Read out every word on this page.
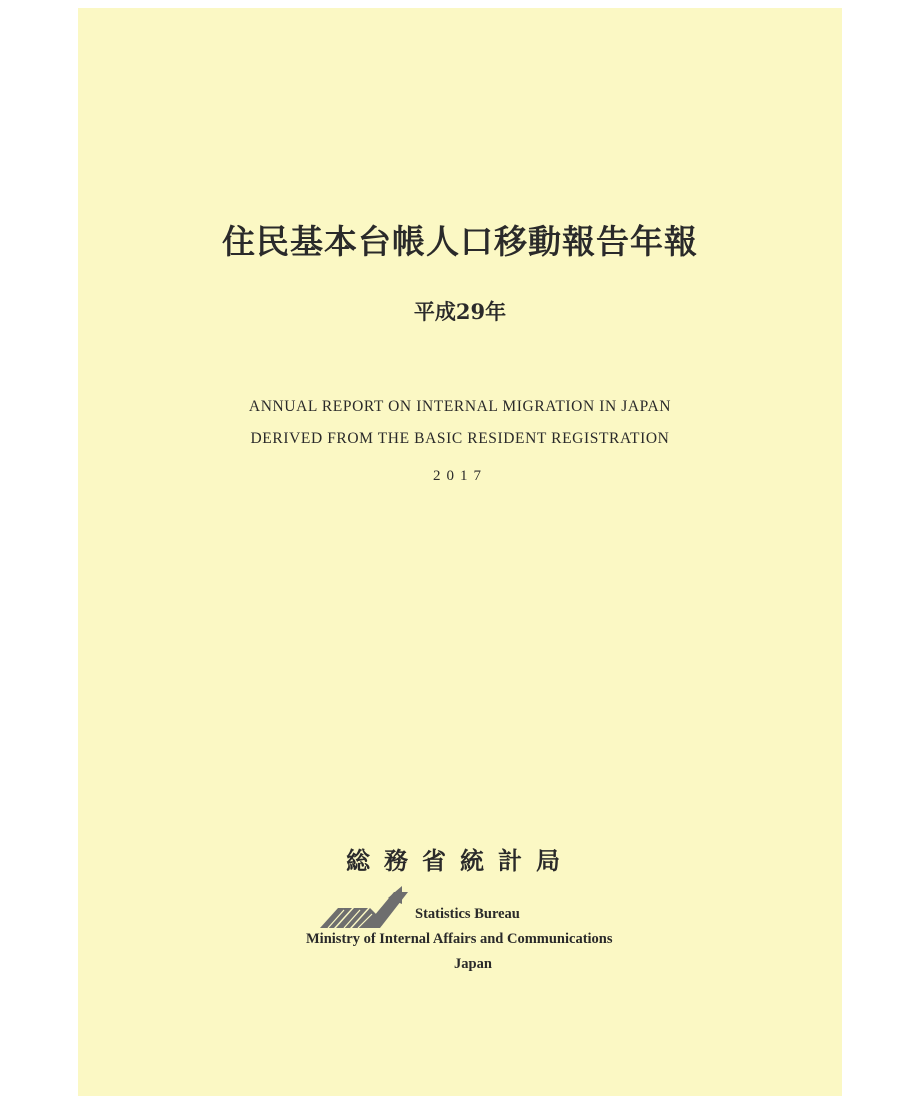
住民基本台帳人口移動報告年報
平成29年
ANNUAL REPORT ON INTERNAL MIGRATION IN JAPAN
DERIVED FROM THE BASIC RESIDENT REGISTRATION
2017
総務省統計局
Statistics Bureau
Ministry of Internal Affairs and Communications
Japan
